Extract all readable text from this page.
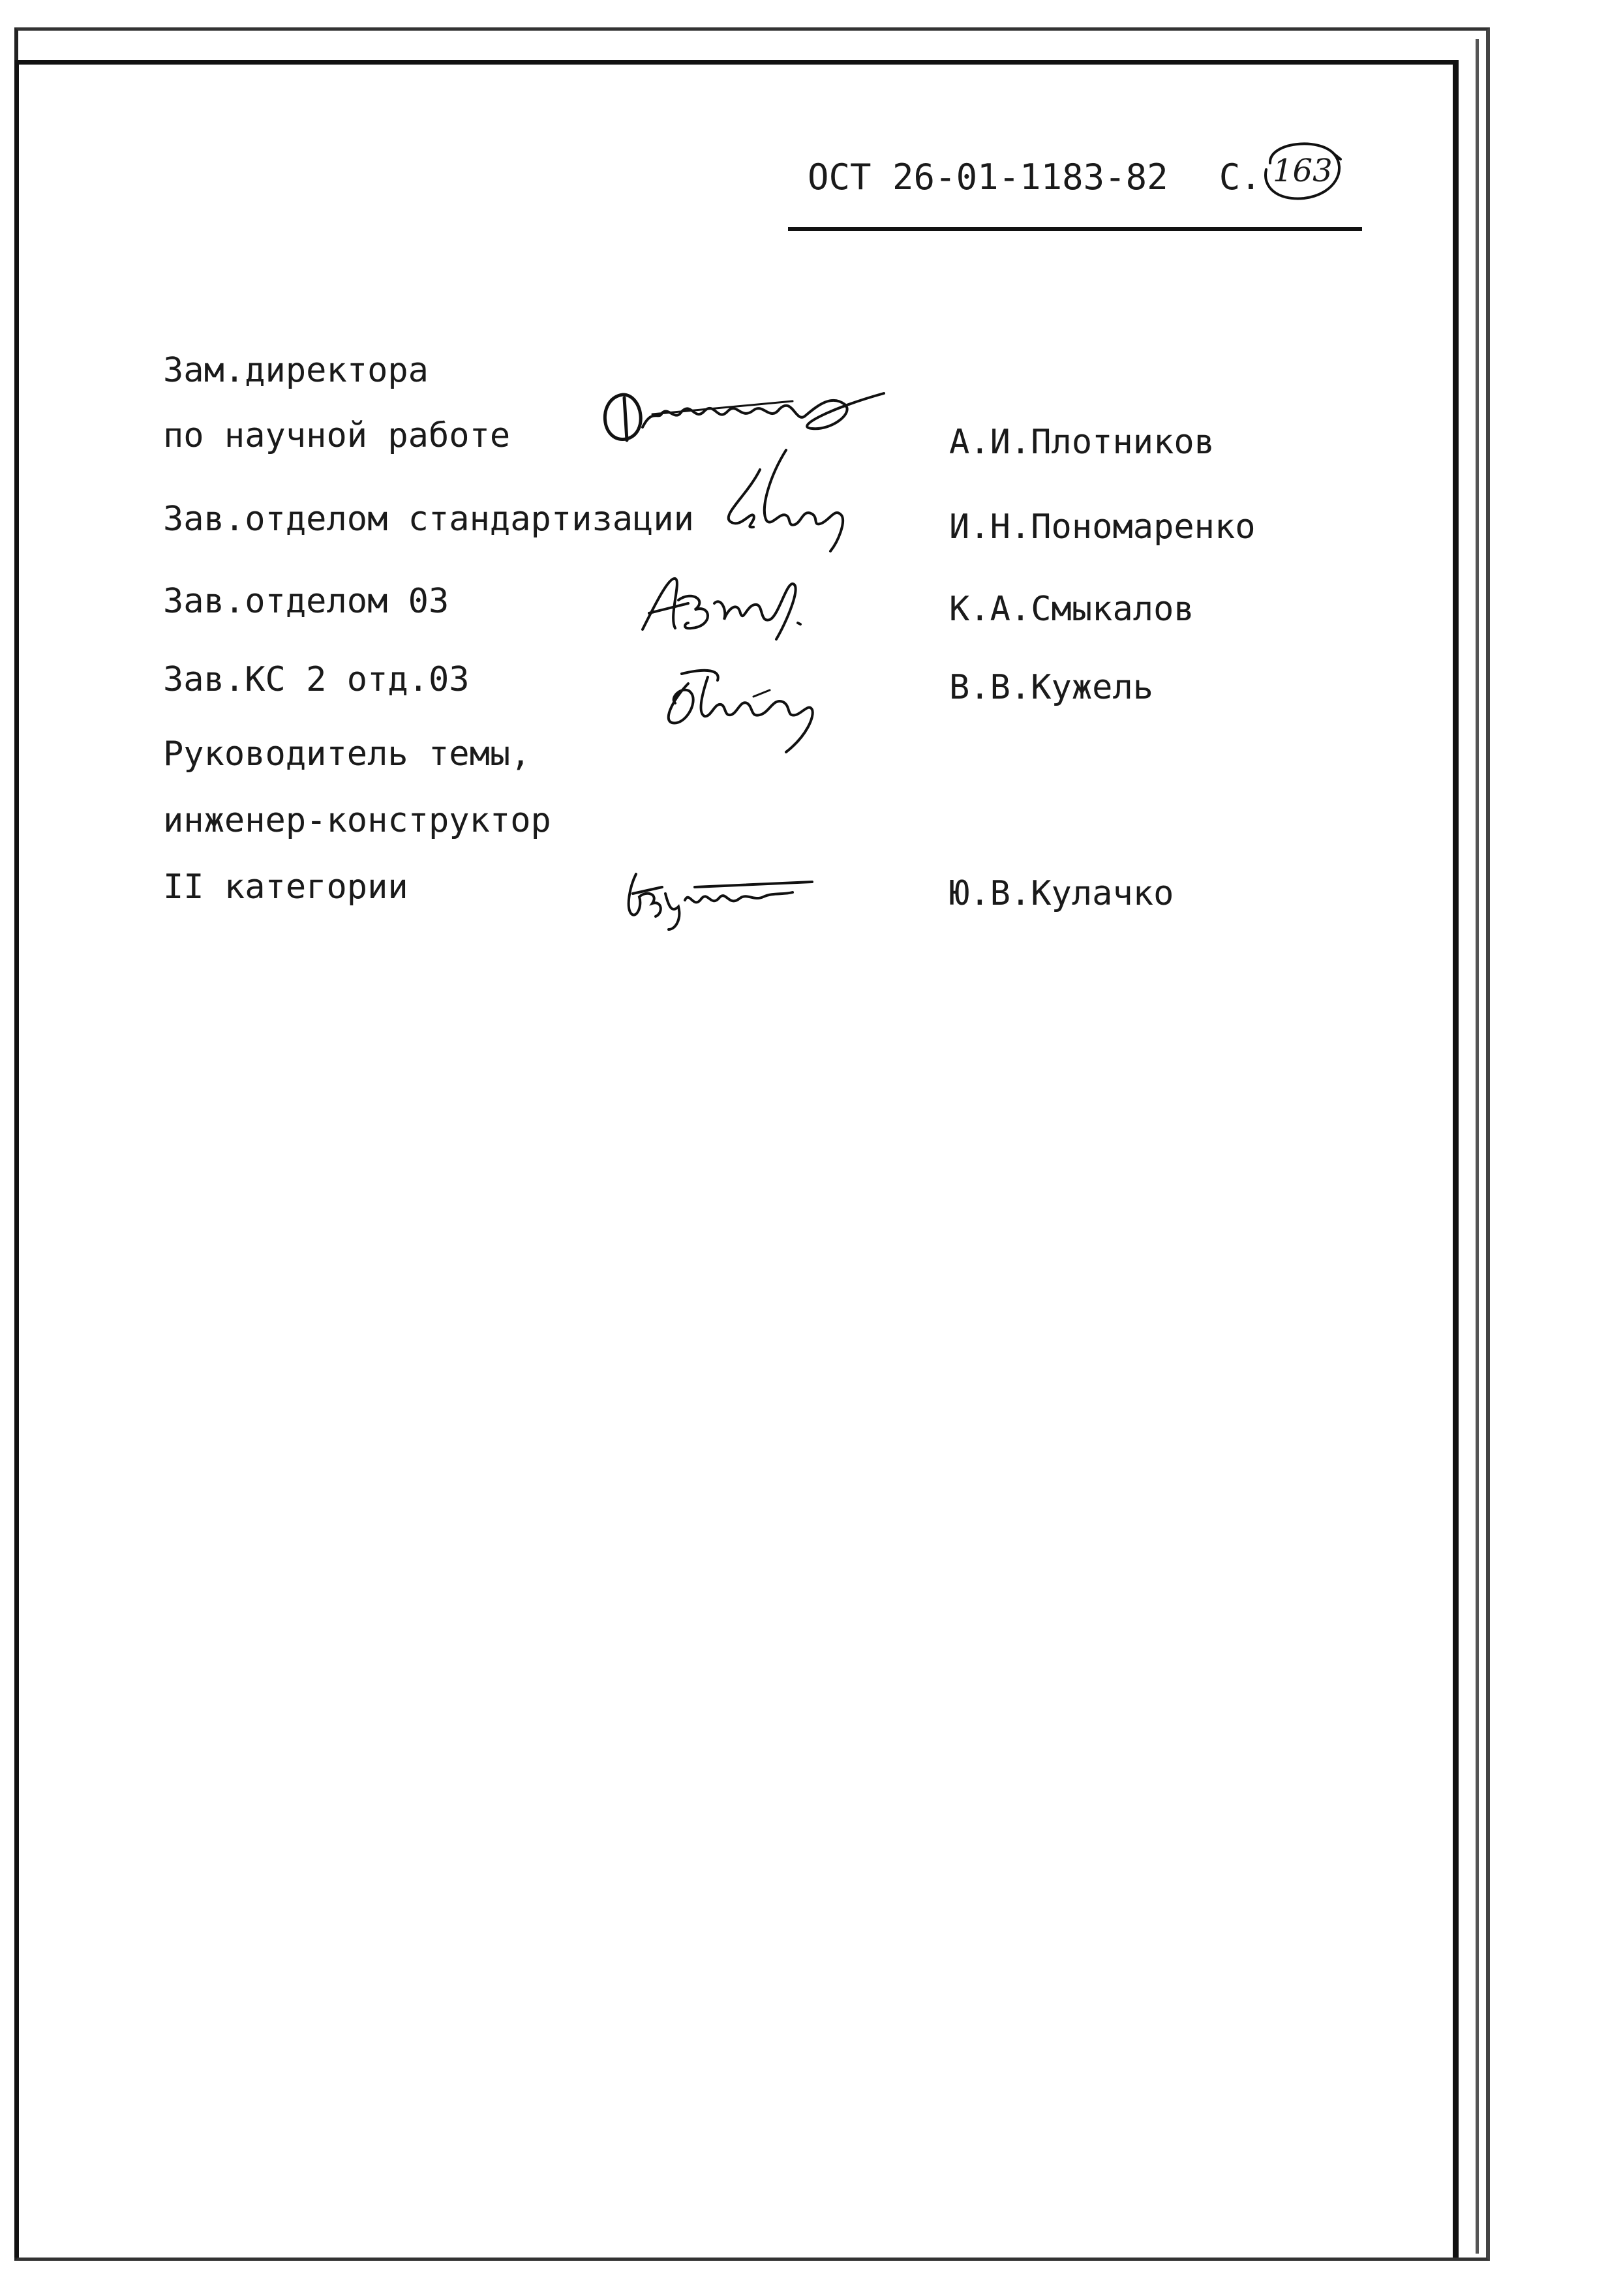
ОСТ 26-01-1183-82 С. 163
Зам.директора
по научной работе	А.И.Плотников
Зав.отделом стандартизации	И.Н.Пономаренко
Зав.отделом 03	К.А.Смыкалов
Зав.КС 2 отд.03	В.В.Кужель
Руководитель темы,
инженер-конструктор
II категории	Ю.В.Кулачко
